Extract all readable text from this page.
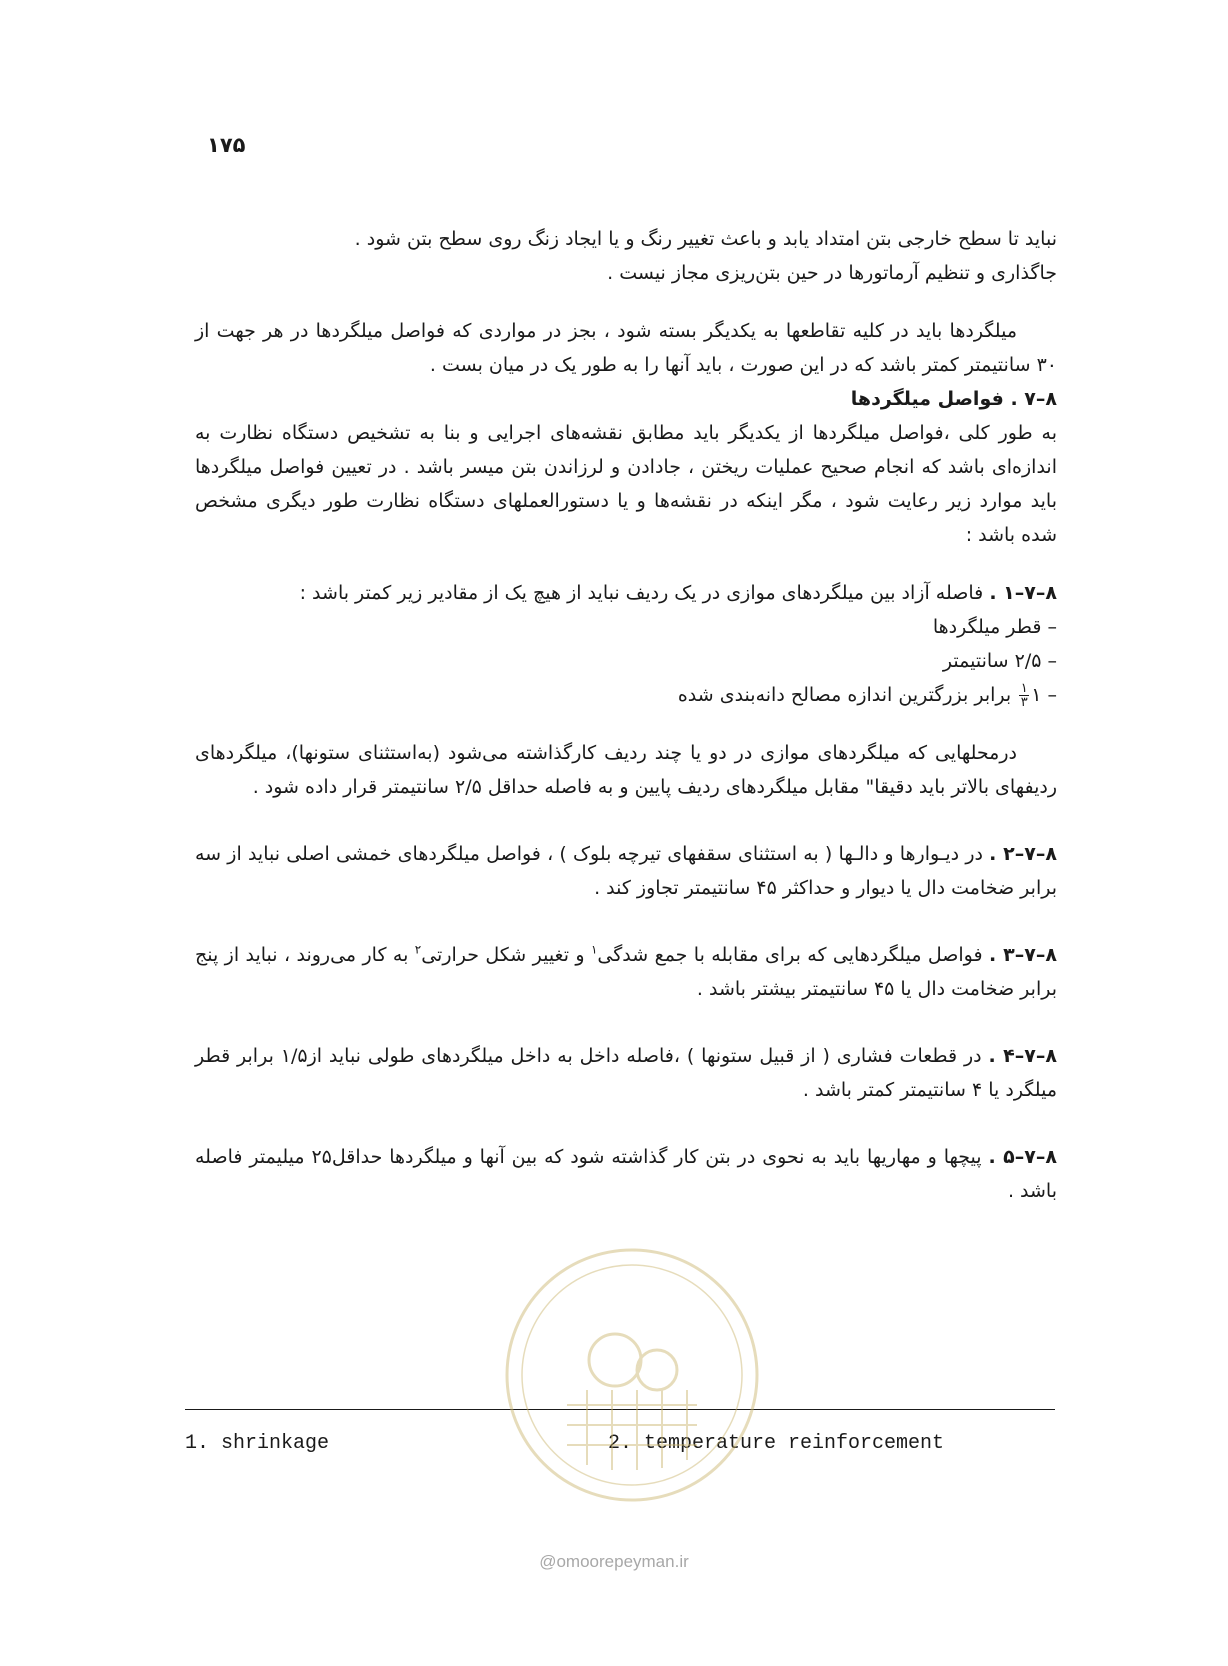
۱۷۵

نباید تا سطح خارجی بتن امتداد یابد و باعث تغییر رنگ و یا ایجاد زنگ روی سطح بتن شود .
جاگذاری و تنظیم آرماتورها در حین بتن‌ریزی مجاز نیست .

میلگردها باید در کلیه تقاطعها به یکدیگر بسته شود ، بجز در مواردی که فواصل میلگردها در هر جهت از ۳۰ سانتیمتر کمتر باشد که در این صورت ، باید آنها را به طور یک در میان بست .

۸–۷ . فواصل میلگردها

به طور کلی ،فواصل میلگردها از یکدیگر باید مطابق نقشه‌های اجرایی و بنا به تشخیص دستگاه نظارت به اندازه‌ای باشد که انجام صحیح عملیات ریختن ، جادادن و لرزاندن بتن میسر باشد . در تعیین فواصل میلگردها باید موارد زیر رعایت شود ، مگر اینکه در نقشه‌ها و یا دستورالعملهای دستگاه نظارت طور دیگری مشخص شده باشد :

۸–۷–۱ . فاصله آزاد بین میلگردهای موازی در یک ردیف نباید از هیچ یک از مقادیر زیر کمتر باشد :

– قطر میلگردها

– ۲/۵ سانتیمتر

– ۱
$\frac{۱}{۳}$
برابر بزرگترین اندازه مصالح دانه‌بندی شده

درمحلهایی که میلگردهای موازی در دو یا چند ردیف کارگذاشته می‌شود (به‌استثنای ستونها)، میلگردهای ردیفهای بالاتر باید دقیقا" مقابل میلگردهای ردیف پایین و به فاصله حداقل ۲/۵ سانتیمتر قرار داده شود .

۸–۷–۲ . در دیـوارها و دالـها ( به استثنای سقفهای تیرچه بلوک ) ، فواصل میلگردهای خمشی اصلی نباید از سه برابر ضخامت دال یا دیوار و حداکثر ۴۵ سانتیمتر تجاوز کند .

۸–۷–۳ . فواصل میلگردهایی که برای مقابله با جمع شدگی$^۱$ و تغییر شکل حرارتی$^۲$ به کار می‌روند ، نباید از پنج برابر ضخامت دال یا ۴۵ سانتیمتر بیشتر باشد .

۸–۷–۴ . در قطعات فشاری ( از قبیل ستونها ) ،فاصله داخل به داخل میلگردهای طولی نباید از۱/۵ برابر قطر میلگرد یا ۴ سانتیمتر کمتر باشد .

۸–۷–۵ . پیچها و مهاریها باید به نحوی در بتن کار گذاشته شود که بین آنها و میلگردها حداقل۲۵ میلیمتر فاصله باشد .

1. shrinkage	2. temperature reinforcement
@omoorepeyman.ir
